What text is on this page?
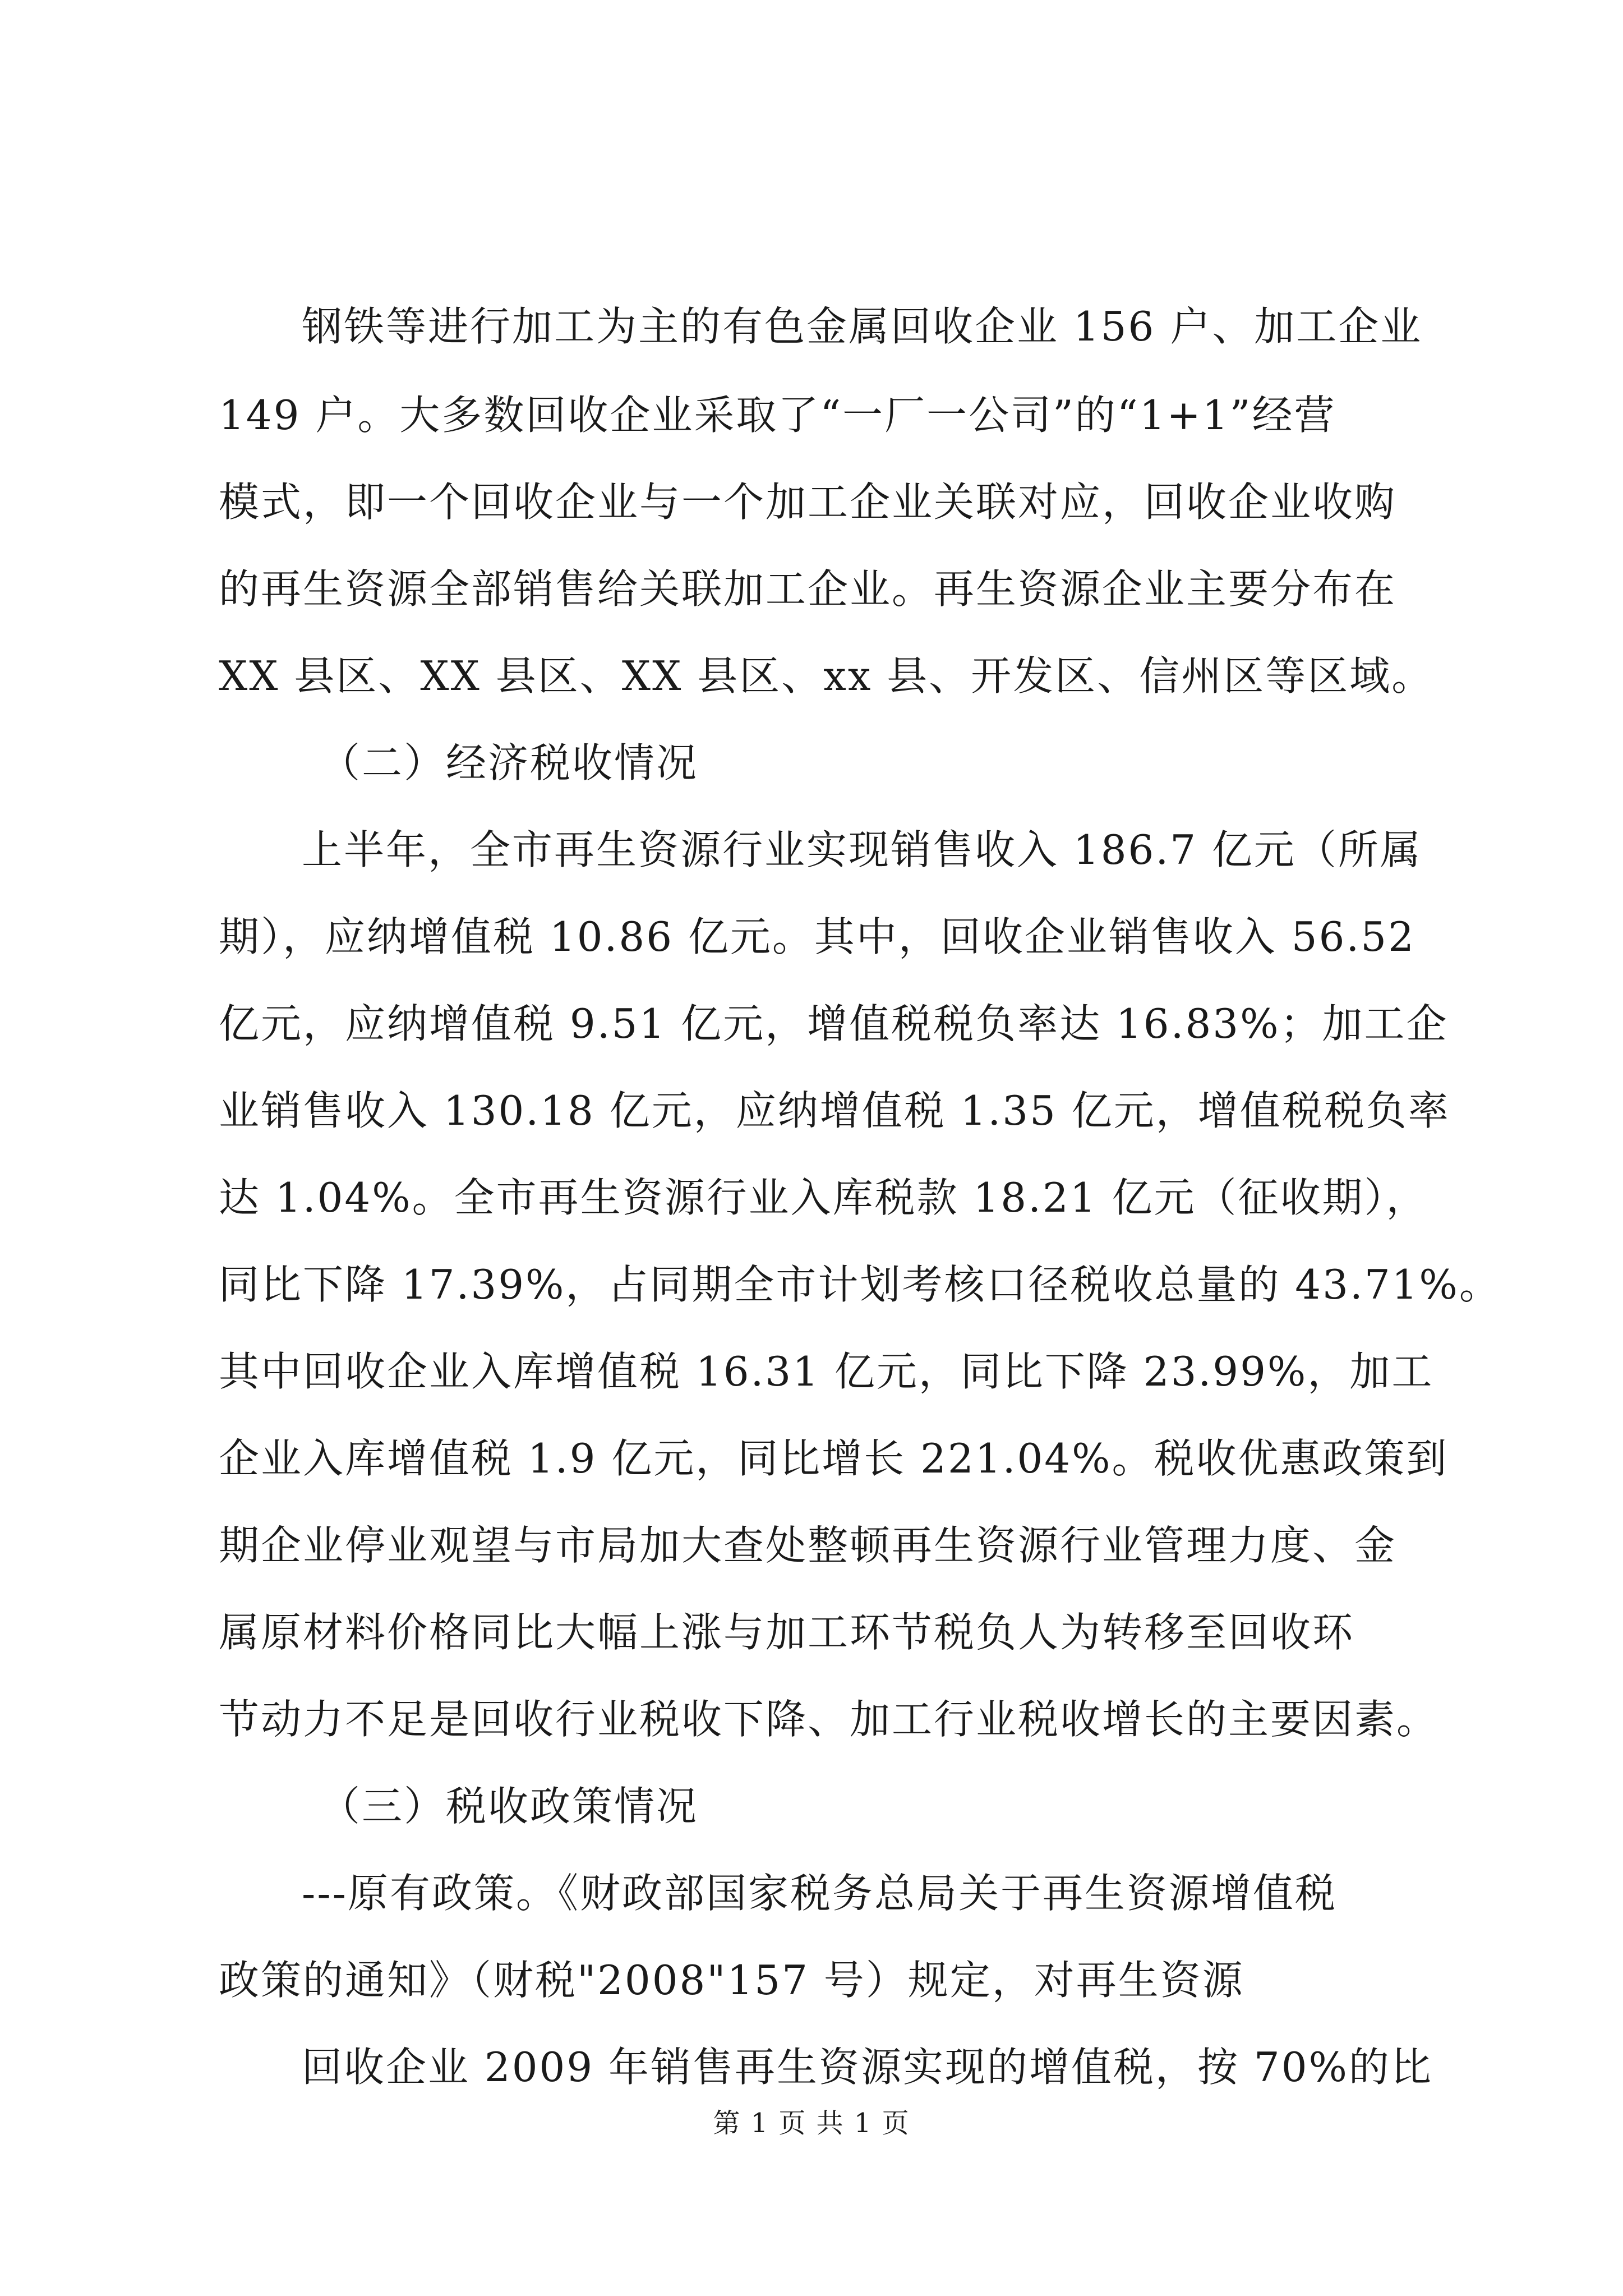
钢铁等进行加工为主的有色金属回收企业 156 户、加工企业
149 户。大多数回收企业采取了“一厂一公司”的“1+1”经营
模式，即一个回收企业与一个加工企业关联对应，回收企业收购
的再生资源全部销售给关联加工企业。再生资源企业主要分布在
XX 县区、XX 县区、XX 县区、xx 县、开发区、信州区等区域。
（二）经济税收情况
上半年，全市再生资源行业实现销售收入 186.7 亿元（所属
期），应纳增值税 10.86 亿元。其中，回收企业销售收入 56.52
亿元，应纳增值税 9.51 亿元，增值税税负率达 16.83%；加工企
业销售收入 130.18 亿元，应纳增值税 1.35 亿元，增值税税负率
达 1.04%。全市再生资源行业入库税款 18.21 亿元（征收期），
同比下降 17.39%，占同期全市计划考核口径税收总量的 43.71%。
其中回收企业入库增值税 16.31 亿元，同比下降 23.99%，加工
企业入库增值税 1.9 亿元，同比增长 221.04%。税收优惠政策到
期企业停业观望与市局加大查处整顿再生资源行业管理力度、金
属原材料价格同比大幅上涨与加工环节税负人为转移至回收环
节动力不足是回收行业税收下降、加工行业税收增长的主要因素。
（三）税收政策情况
---原有政策。《财政部国家税务总局关于再生资源增值税
政策的通知》（财税"2008"157 号）规定，对再生资源
回收企业 2009 年销售再生资源实现的增值税，按 70%的比
第 1 页 共 1 页
